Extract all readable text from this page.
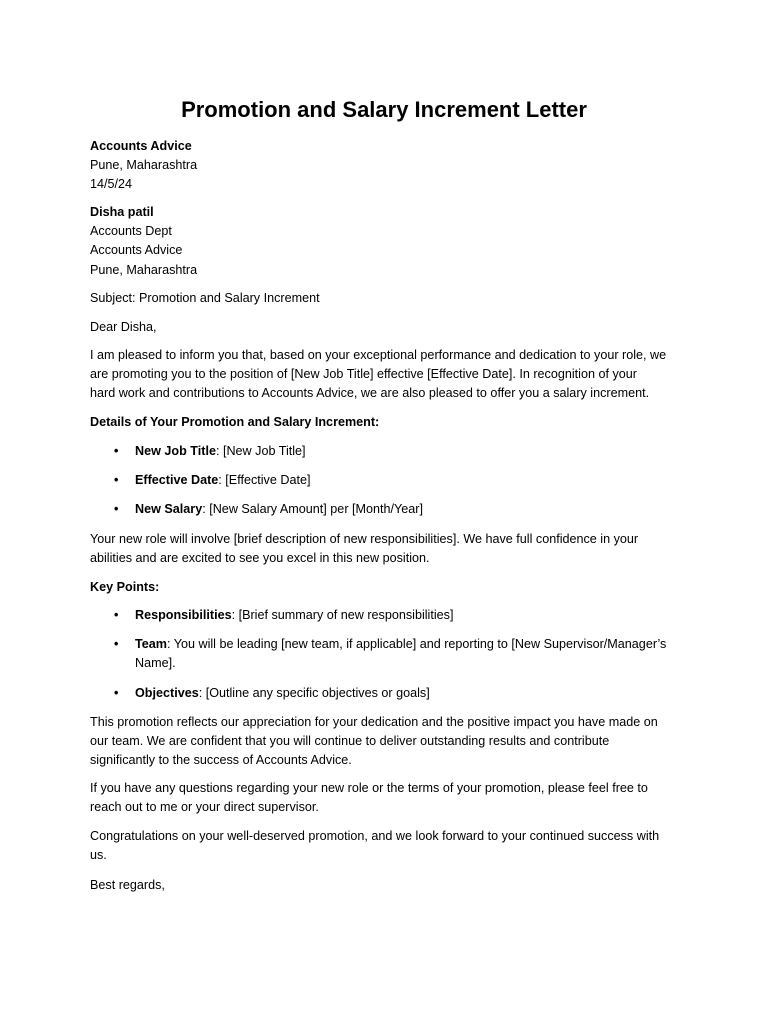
Promotion and Salary Increment Letter
Accounts Advice
Pune, Maharashtra
14/5/24
Disha patil
Accounts Dept
Accounts Advice
Pune, Maharashtra
Subject: Promotion and Salary Increment
Dear Disha,
I am pleased to inform you that, based on your exceptional performance and dedication to your role, we
are promoting you to the position of [New Job Title] effective [Effective Date]. In recognition of your
hard work and contributions to Accounts Advice, we are also pleased to offer you a salary increment.
Details of Your Promotion and Salary Increment:
• New Job Title: [New Job Title]
• Effective Date: [Effective Date]
• New Salary: [New Salary Amount] per [Month/Year]
Your new role will involve [brief description of new responsibilities]. We have full confidence in your
abilities and are excited to see you excel in this new position.
Key Points:
• Responsibilities: [Brief summary of new responsibilities]
• Team: You will be leading [new team, if applicable] and reporting to [New Supervisor/Manager’s
Name].
• Objectives: [Outline any specific objectives or goals]
This promotion reflects our appreciation for your dedication and the positive impact you have made on
our team. We are confident that you will continue to deliver outstanding results and contribute
significantly to the success of Accounts Advice.
If you have any questions regarding your new role or the terms of your promotion, please feel free to
reach out to me or your direct supervisor.
Congratulations on your well-deserved promotion, and we look forward to your continued success with
us.
Best regards,
